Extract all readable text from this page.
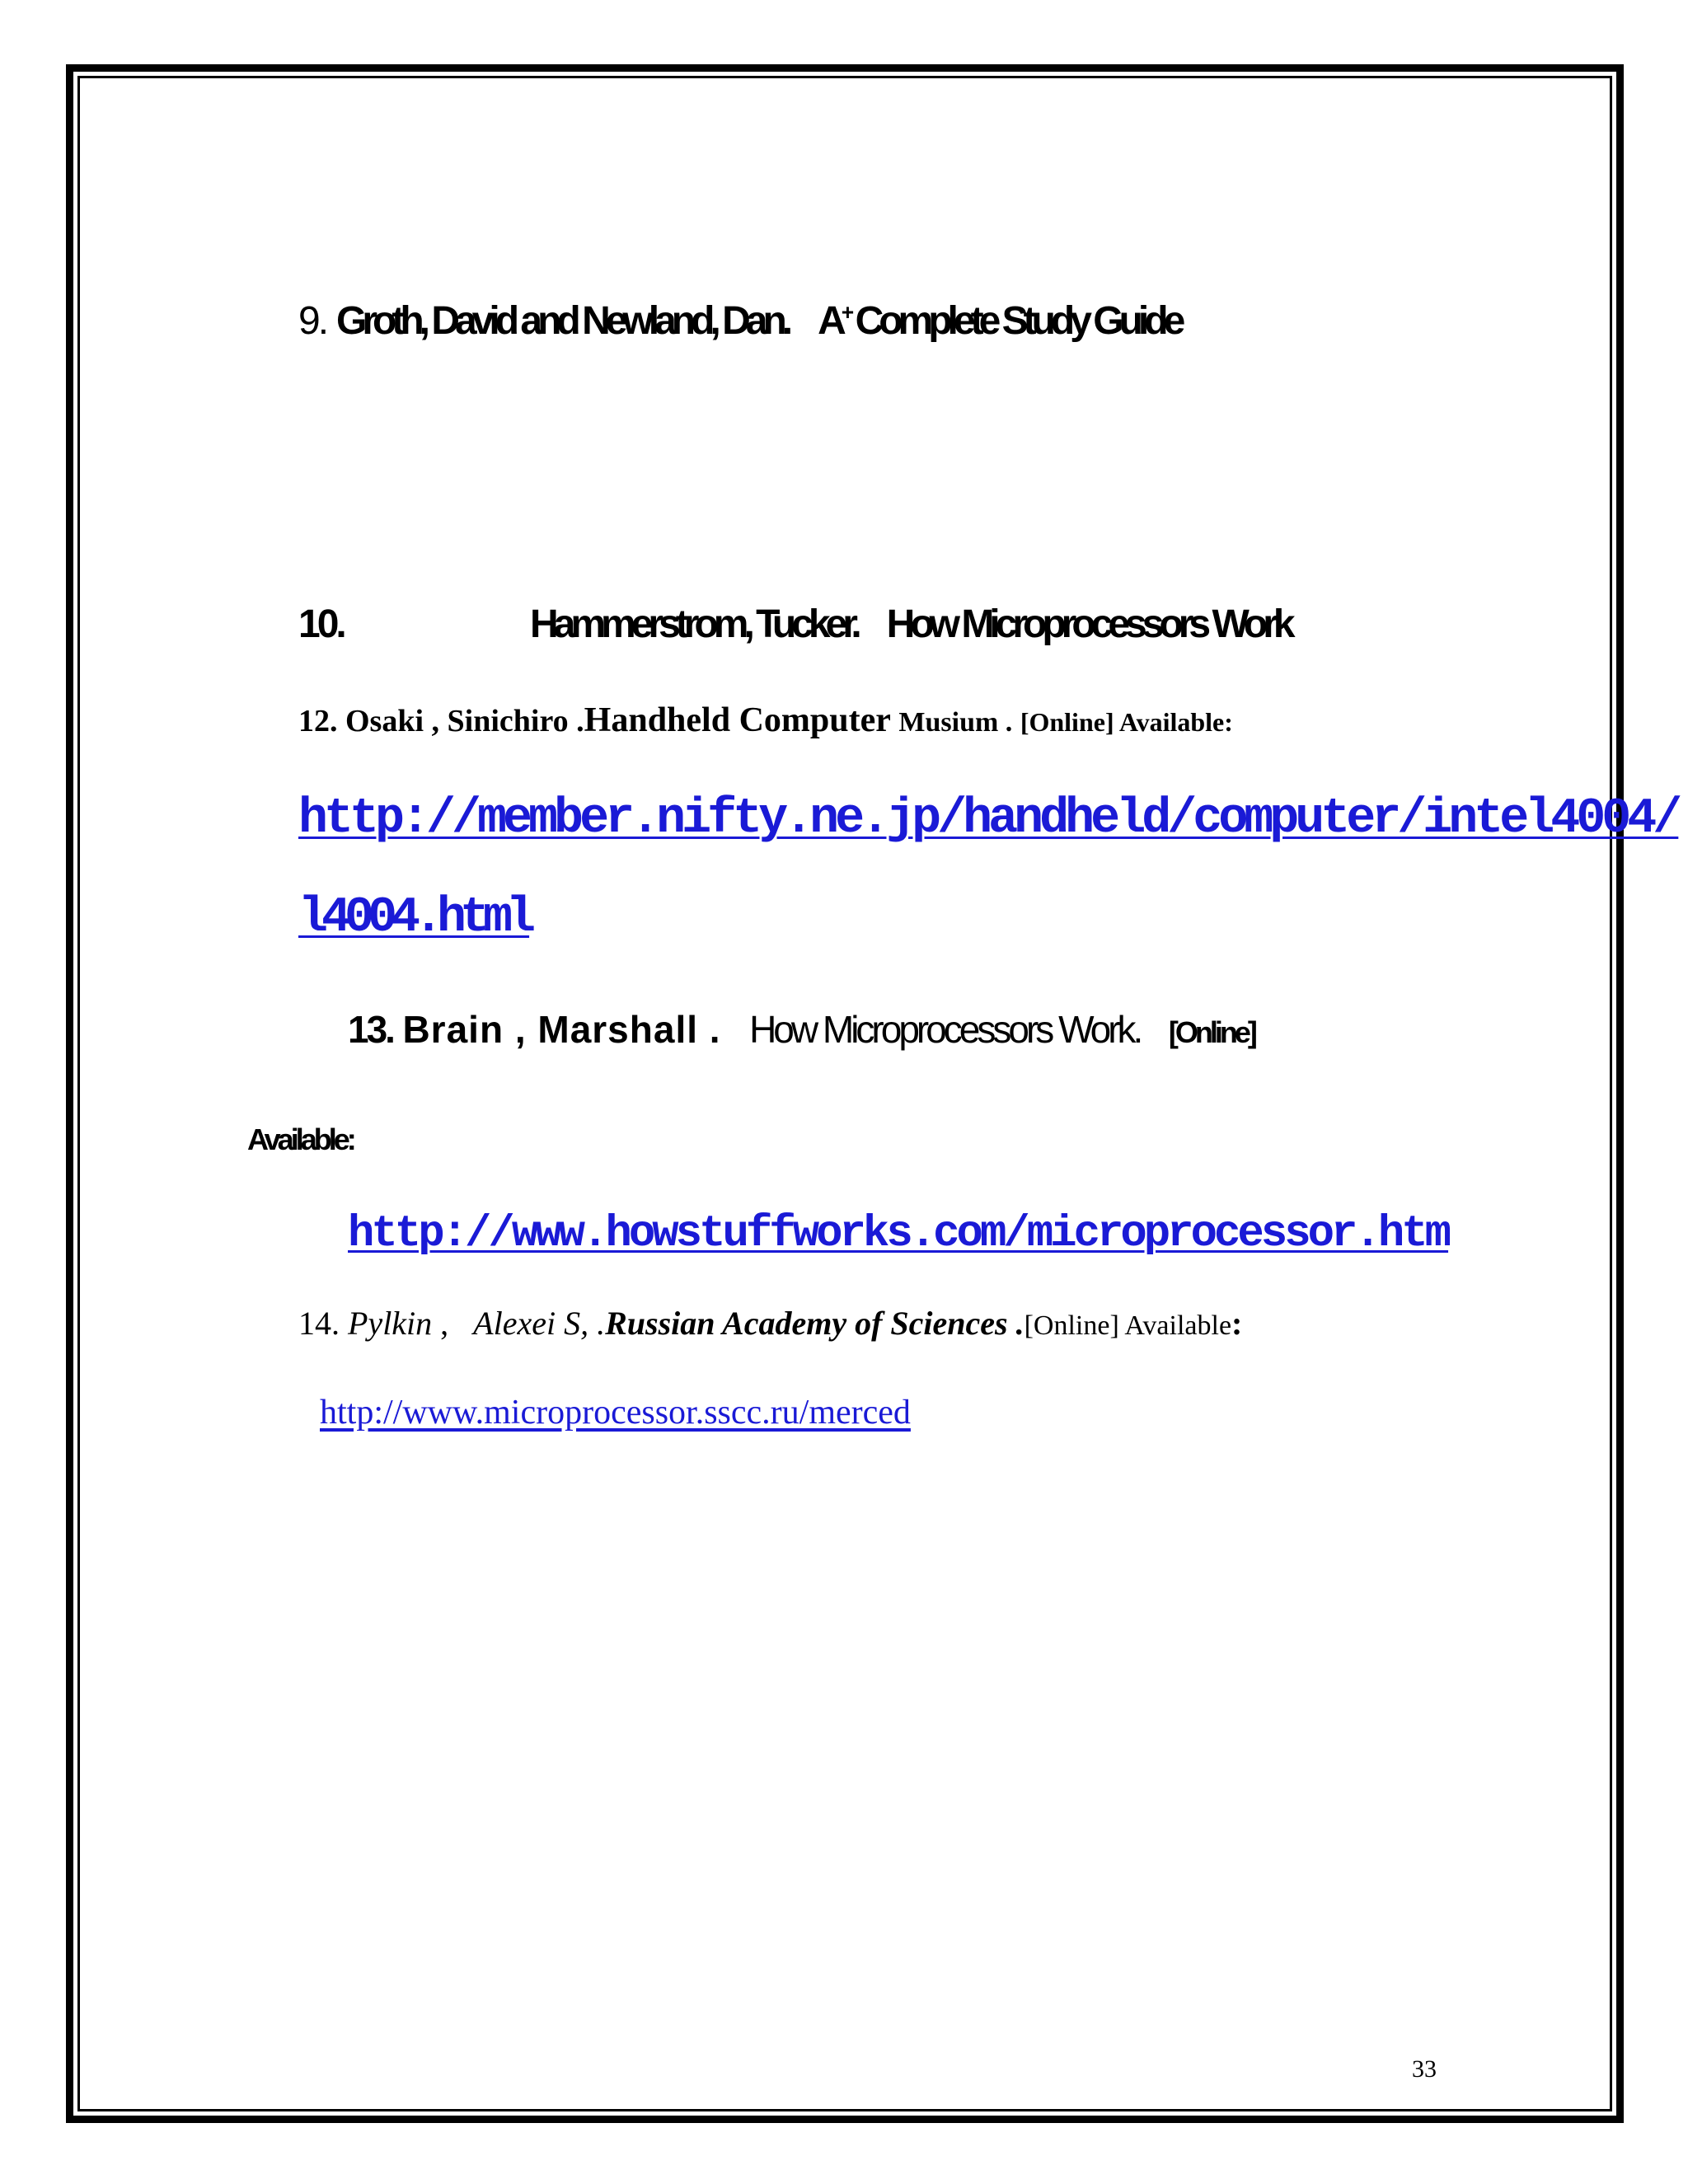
9. Groth, David and Newland, Dan. A+ Complete Study Guide
10.	Hammerstrom, Tucker. How Microprocessors Work
12. Osaki , Sinichiro .Handheld Computer Musium . [Online] Available:
http://member.nifty.ne.jp/handheld/computer/intel4004/
l4004.html
13. Brain , Marshall . How Microprocessors Work. [Online]
Available:
http://www.howstuffworks.com/microprocessor.htm
14. Pylkin ,   Alexei S, .Russian Academy of Sciences .[Online] Available:
http://www.microprocessor.sscc.ru/merced
33
